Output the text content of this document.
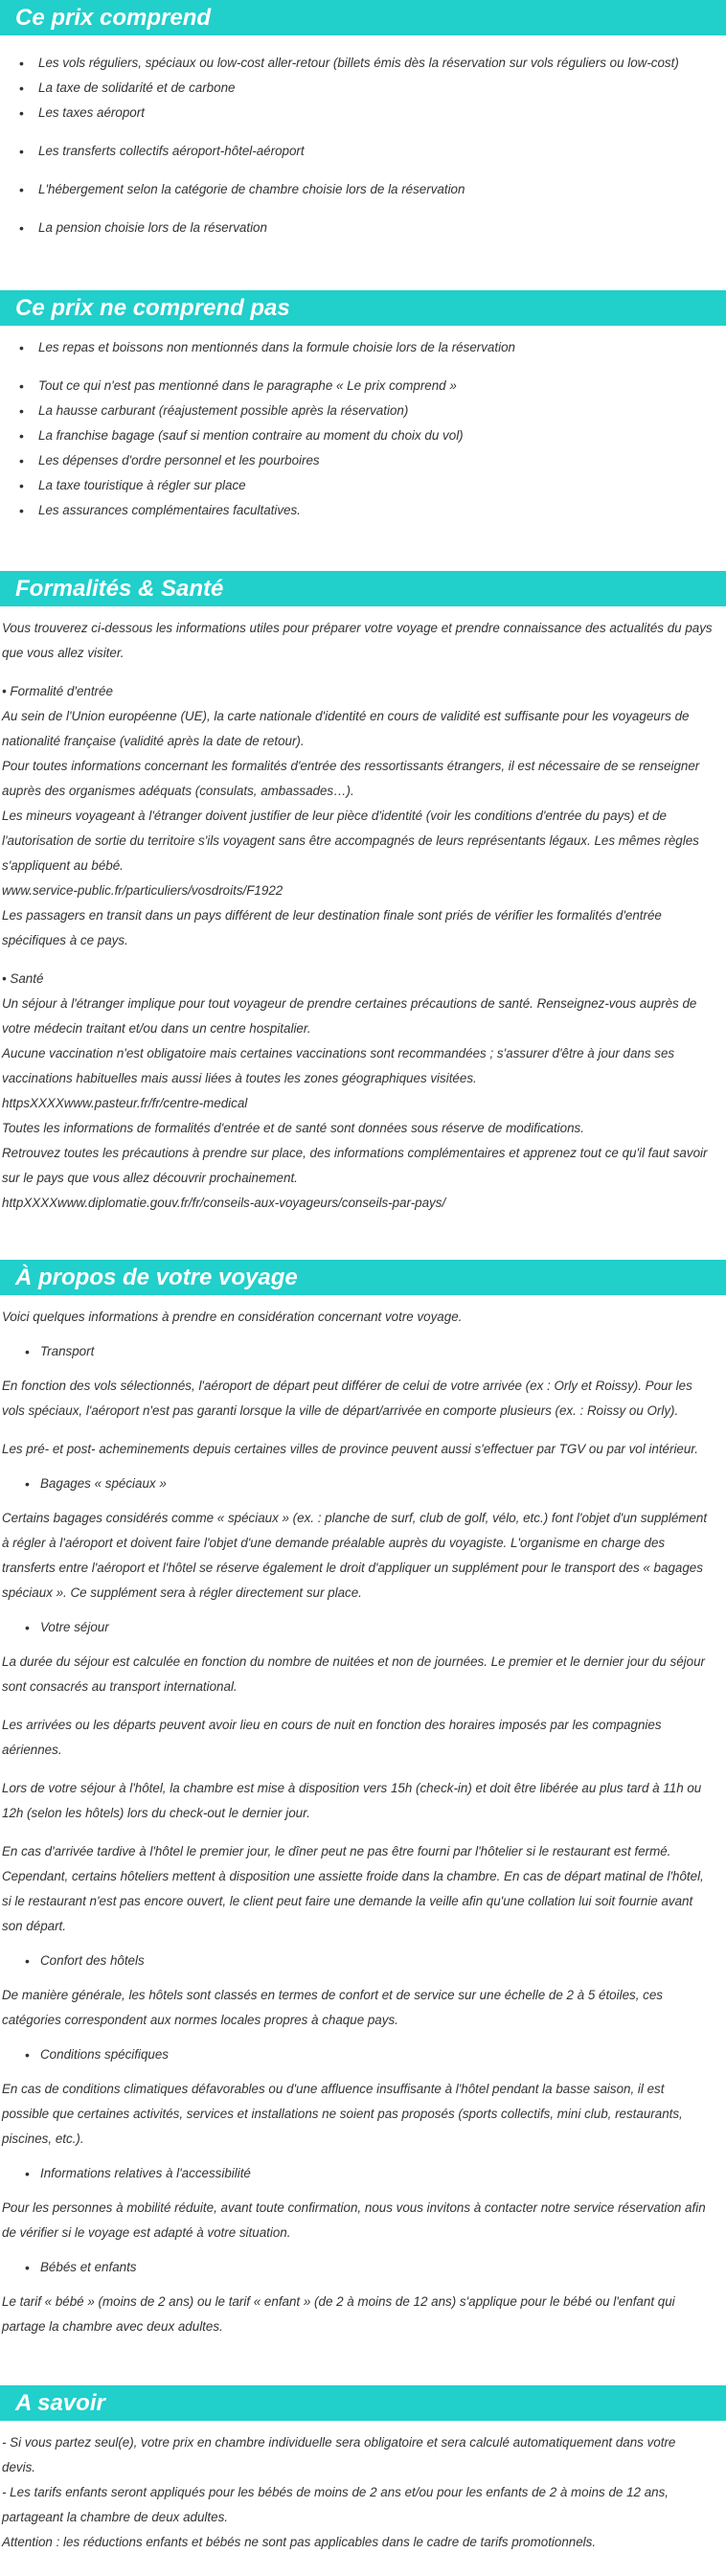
Ce prix comprend
• Les vols réguliers, spéciaux ou low-cost aller-retour (billets émis dès la réservation sur vols réguliers ou low-cost)
• La taxe de solidarité et de carbone
• Les taxes aéroport
• Les transferts collectifs aéroport-hôtel-aéroport
• L'hébergement selon la catégorie de chambre choisie lors de la réservation
• La pension choisie lors de la réservation
Ce prix ne comprend pas
• Les repas et boissons non mentionnés dans la formule choisie lors de la réservation
• Tout ce qui n'est pas mentionné dans le paragraphe « Le prix comprend »
• La hausse carburant (réajustement possible après la réservation)
• La franchise bagage (sauf si mention contraire au moment du choix du vol)
• Les dépenses d'ordre personnel et les pourboires
• La taxe touristique à régler sur place
• Les assurances complémentaires facultatives.
Formalités & Santé

Vous trouverez ci-dessous les informations utiles pour préparer votre voyage et prendre connaissance des actualités du pays que vous allez visiter.

• Formalité d'entrée

Au sein de l'Union européenne (UE), la carte nationale d'identité en cours de validité est suffisante pour les voyageurs de nationalité française (validité après la date de retour).

Pour toutes informations concernant les formalités d'entrée des ressortissants étrangers, il est nécessaire de se renseigner auprès des organismes adéquats (consulats, ambassades…).

Les mineurs voyageant à l'étranger doivent justifier de leur pièce d'identité (voir les conditions d'entrée du pays) et de l'autorisation de sortie du territoire s'ils voyagent sans être accompagnés de leurs représentants légaux. Les mêmes règles s'appliquent au bébé.

www.service-public.fr/particuliers/vosdroits/F1922

Les passagers en transit dans un pays différent de leur destination finale sont priés de vérifier les formalités d'entrée spécifiques à ce pays.

• Santé

Un séjour à l'étranger implique pour tout voyageur de prendre certaines précautions de santé. Renseignez-vous auprès de votre médecin traitant et/ou dans un centre hospitalier.

Aucune vaccination n'est obligatoire mais certaines vaccinations sont recommandées ; s'assurer d'être à jour dans ses vaccinations habituelles mais aussi liées à toutes les zones géographiques visitées.

httpsXXXXwww.pasteur.fr/fr/centre-medical

Toutes les informations de formalités d'entrée et de santé sont données sous réserve de modifications.

Retrouvez toutes les précautions à prendre sur place, des informations complémentaires et apprenez tout ce qu'il faut savoir sur le pays que vous allez découvrir prochainement.

httpXXXXwww.diplomatie.gouv.fr/fr/conseils-aux-voyageurs/conseils-par-pays/

À propos de votre voyage

Voici quelques informations à prendre en considération concernant votre voyage.

• Transport

En fonction des vols sélectionnés, l'aéroport de départ peut différer de celui de votre arrivée (ex : Orly et Roissy). Pour les vols spéciaux, l'aéroport n'est pas garanti lorsque la ville de départ/arrivée en comporte plusieurs (ex. : Roissy ou Orly).

Les pré- et post- acheminements depuis certaines villes de province peuvent aussi s'effectuer par TGV ou par vol intérieur.

• Bagages « spéciaux »

Certains bagages considérés comme « spéciaux » (ex. : planche de surf, club de golf, vélo, etc.) font l'objet d'un supplément à régler à l'aéroport et doivent faire l'objet d'une demande préalable auprès du voyagiste. L'organisme en charge des transferts entre l'aéroport et l'hôtel se réserve également le droit d'appliquer un supplément pour le transport des « bagages spéciaux ». Ce supplément sera à régler directement sur place.

• Votre séjour

La durée du séjour est calculée en fonction du nombre de nuitées et non de journées. Le premier et le dernier jour du séjour sont consacrés au transport international.

Les arrivées ou les départs peuvent avoir lieu en cours de nuit en fonction des horaires imposés par les compagnies aériennes.

Lors de votre séjour à l'hôtel, la chambre est mise à disposition vers 15h (check-in) et doit être libérée au plus tard à 11h ou 12h (selon les hôtels) lors du check-out le dernier jour.

En cas d'arrivée tardive à l'hôtel le premier jour, le dîner peut ne pas être fourni par l'hôtelier si le restaurant est fermé. Cependant, certains hôteliers mettent à disposition une assiette froide dans la chambre. En cas de départ matinal de l'hôtel, si le restaurant n'est pas encore ouvert, le client peut faire une demande la veille afin qu'une collation lui soit fournie avant son départ.

• Confort des hôtels

De manière générale, les hôtels sont classés en termes de confort et de service sur une échelle de 2 à 5 étoiles, ces catégories correspondent aux normes locales propres à chaque pays.

• Conditions spécifiques

En cas de conditions climatiques défavorables ou d'une affluence insuffisante à l'hôtel pendant la basse saison, il est possible que certaines activités, services et installations ne soient pas proposés (sports collectifs, mini club, restaurants, piscines, etc.).

• Informations relatives à l'accessibilité

Pour les personnes à mobilité réduite, avant toute confirmation, nous vous invitons à contacter notre service réservation afin de vérifier si le voyage est adapté à votre situation.

• Bébés et enfants

Le tarif « bébé » (moins de 2 ans) ou le tarif « enfant » (de 2 à moins de 12 ans) s'applique pour le bébé ou l'enfant qui partage la chambre avec deux adultes.

A savoir

- Si vous partez seul(e), votre prix en chambre individuelle sera obligatoire et sera calculé automatiquement dans votre devis.

- Les tarifs enfants seront appliqués pour les bébés de moins de 2 ans et/ou pour les enfants de 2 à moins de 12 ans, partageant la chambre de deux adultes.

Attention : les réductions enfants et bébés ne sont pas applicables dans le cadre de tarifs promotionnels.
